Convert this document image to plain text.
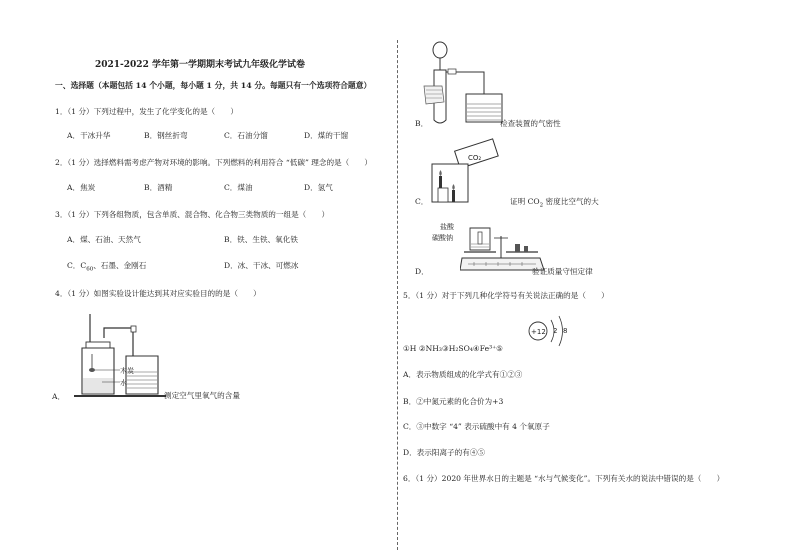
2021-2022 学年第一学期期末考试九年级化学试卷
一、选择题（本题包括 14 个小题，每小题 1 分，共 14 分。每题只有一个选项符合题意）
1．（1 分）下列过程中，发生了化学变化的是（　　）
A．干冰升华	B．钢丝折弯	C．石油分馏	D．煤的干馏
2．（1 分）选择燃料需考虑产物对环境的影响。下列燃料的利用符合 “低碳” 理念的是（　　）
A．焦炭	B．酒精	C．煤油	D．氢气
3．（1 分）下列各组物质，包含单质、混合物、化合物三类物质的一组是（　　）
A．煤、石油、天然气	B．铁、生铁、氧化铁
C．$C_{60}$、石墨、金刚石	D．冰、干冰、可燃冰
4．（1 分）如图实验设计能达到其对应实验目的的是（　　）
A．
木炭
水
测定空气里氧气的含量
B．	检查装置的气密性
CO₂
C．	证明 $CO_2$ 密度比空气的大
盐酸
碳酸钠
D．	验证质量守恒定律
5．（1 分）对于下列几种化学符号有关说法正确的是（　　）
+12 2 8
①H ②NH₃③H₂SO₄④Fe³⁺⑤
A．表示物质组成的化学式有①②③
B．②中氮元素的化合价为+3
C．③中数字 “4” 表示硫酸中有 4 个氧原子
D．表示阳离子的有④⑤
6．（1 分）2020 年世界水日的主题是 “水与气候变化”。下列有关水的说法中错误的是（　　）
